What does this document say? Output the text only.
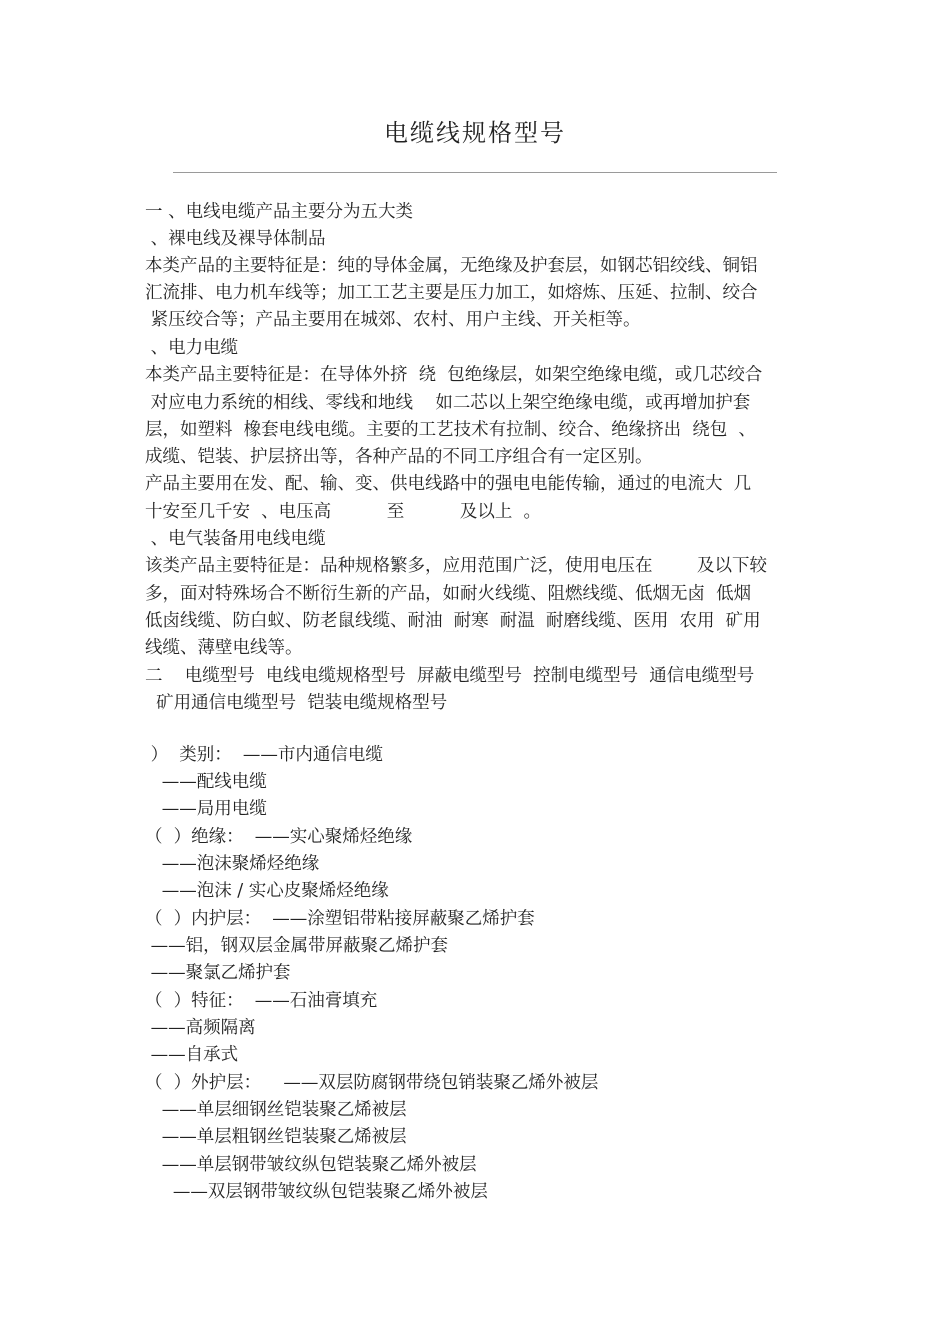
电缆线规格型号
一 、电线电缆产品主要分为五大类
、裸电线及裸导体制品
本类产品的主要特征是：纯的导体金属，无绝缘及护套层，如钢芯铝绞线、铜铝
汇流排、电力机车线等；加工工艺主要是压力加工，如熔炼、压延、拉制、绞合
紧压绞合等；产品主要用在城郊、农村、用户主线、开关柜等。
、电力电缆
本类产品主要特征是：在导体外挤  绕  包绝缘层，如架空绝缘电缆，或几芯绞合
对应电力系统的相线、零线和地线    如二芯以上架空绝缘电缆，或再增加护套
层，如塑料  橡套电线电缆。主要的工艺技术有拉制、绞合、绝缘挤出  绕包  、
成缆、铠装、护层挤出等，各种产品的不同工序组合有一定区别。
产品主要用在发、配、输、变、供电线路中的强电电能传输，通过的电流大  几
十安至几千安  、电压高          至          及以上  。
、电气装备用电线电缆
该类产品主要特征是：品种规格繁多，应用范围广泛，使用电压在        及以下较
多，面对特殊场合不断衍生新的产品，如耐火线缆、阻燃线缆、低烟无卤  低烟
低卤线缆、防白蚁、防老鼠线缆、耐油  耐寒  耐温  耐磨线缆、医用  农用  矿用
线缆、薄壁电线等。
二    电缆型号  电线电缆规格型号  屏蔽电缆型号  控制电缆型号  通信电缆型号
矿用通信电缆型号  铠装电缆规格型号
）  类别：  ——市内通信电缆
——配线电缆
——局用电缆
（  ）绝缘：  ——实心聚烯烃绝缘
——泡沫聚烯烃绝缘
——泡沫 / 实心皮聚烯烃绝缘
（  ）内护层：  ——涂塑铝带粘接屏蔽聚乙烯护套
——铝，钢双层金属带屏蔽聚乙烯护套
——聚氯乙烯护套
（  ）特征：  ——石油膏填充
——高频隔离
——自承式
（  ）外护层：    ——双层防腐钢带绕包销装聚乙烯外被层
——单层细钢丝铠装聚乙烯被层
——单层粗钢丝铠装聚乙烯被层
——单层钢带皱纹纵包铠装聚乙烯外被层
——双层钢带皱纹纵包铠装聚乙烯外被层
